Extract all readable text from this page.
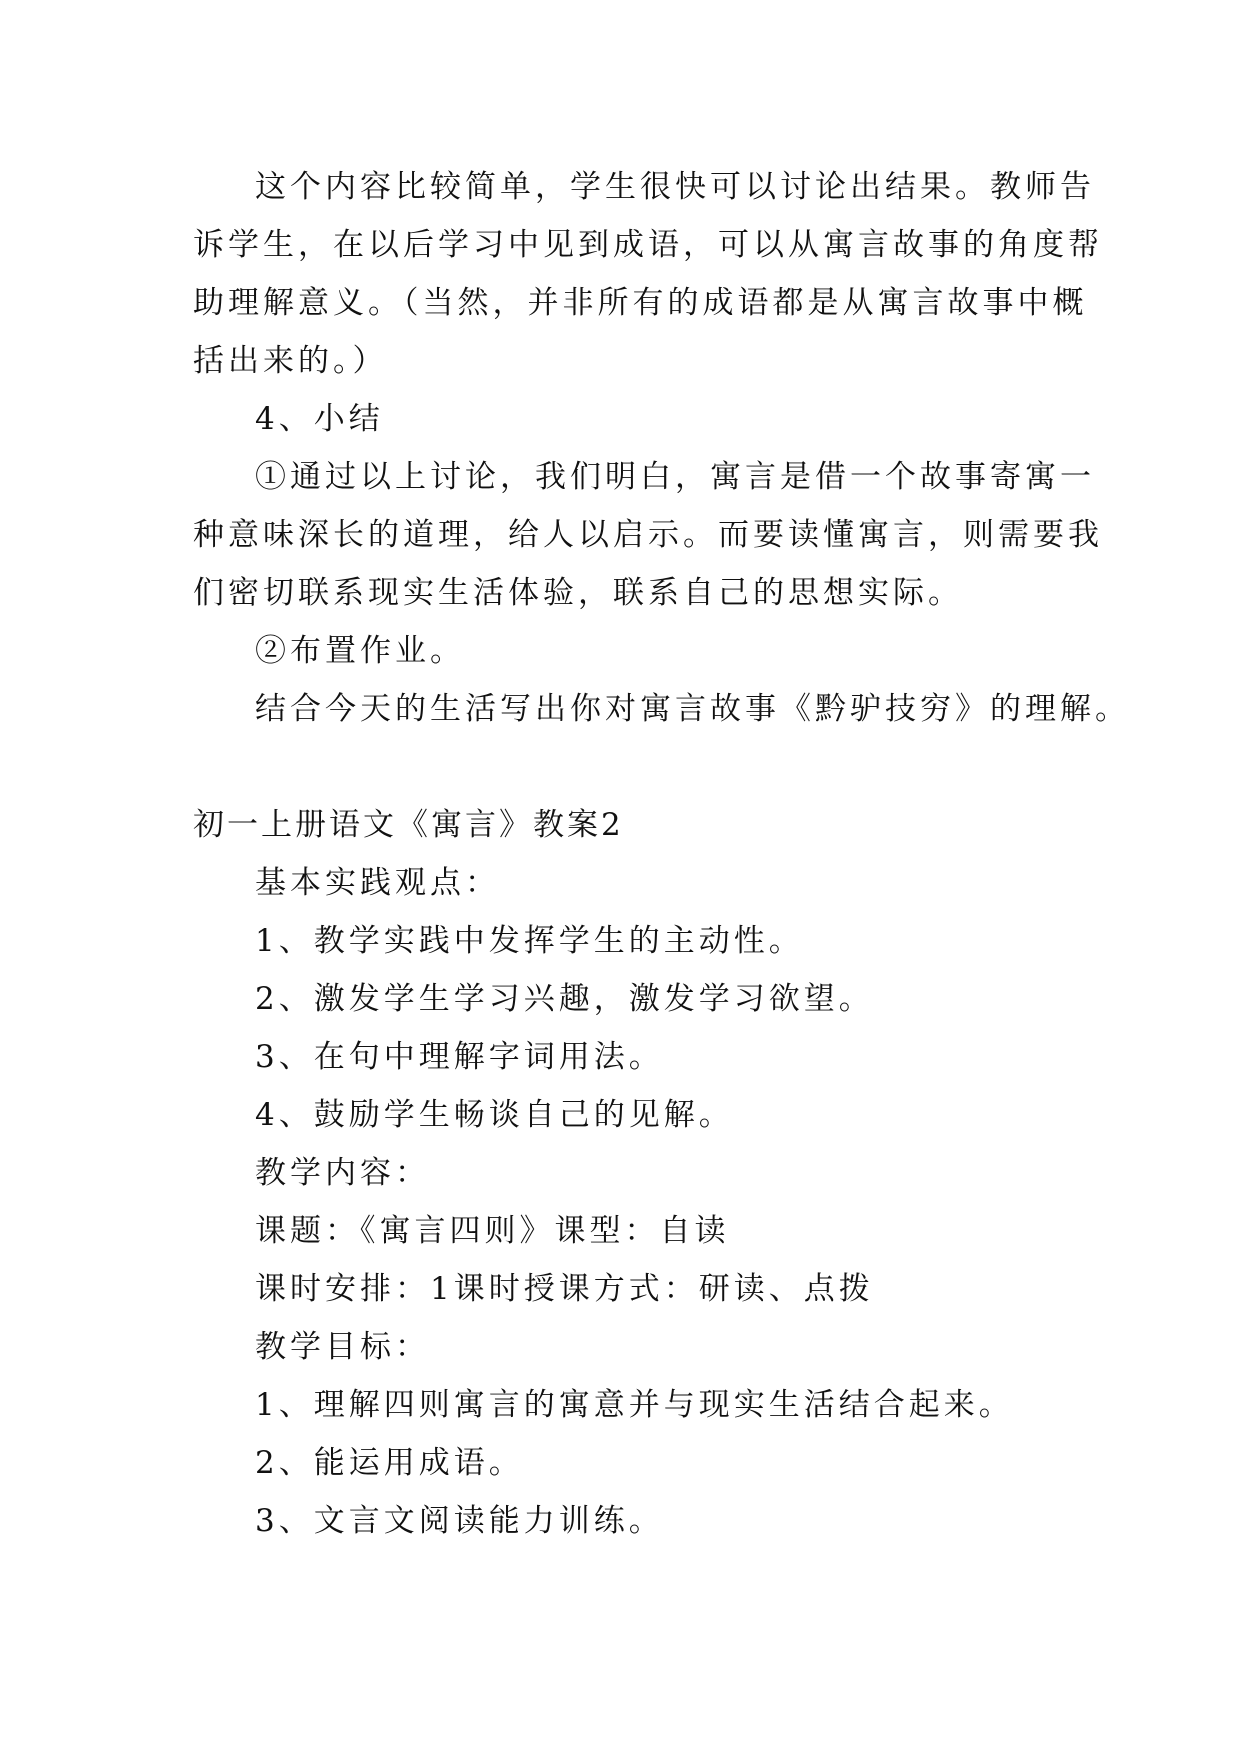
这个内容比较简单，学生很快可以讨论出结果。教师告
诉学生，在以后学习中见到成语，可以从寓言故事的角度帮
助理解意义。（当然，并非所有的成语都是从寓言故事中概
括出来的。）
4、小结
①通过以上讨论，我们明白，寓言是借一个故事寄寓一
种意味深长的道理，给人以启示。而要读懂寓言，则需要我
们密切联系现实生活体验，联系自己的思想实际。
②布置作业。
结合今天的生活写出你对寓言故事《黔驴技穷》的理解。
初一上册语文《寓言》教案2
基本实践观点：
1、教学实践中发挥学生的主动性。
2、激发学生学习兴趣，激发学习欲望。
3、在句中理解字词用法。
4、鼓励学生畅谈自己的见解。
教学内容：
课题：《寓言四则》课型：自读
课时安排：1课时授课方式：研读、点拨
教学目标：
1、理解四则寓言的寓意并与现实生活结合起来。
2、能运用成语。
3、文言文阅读能力训练。
